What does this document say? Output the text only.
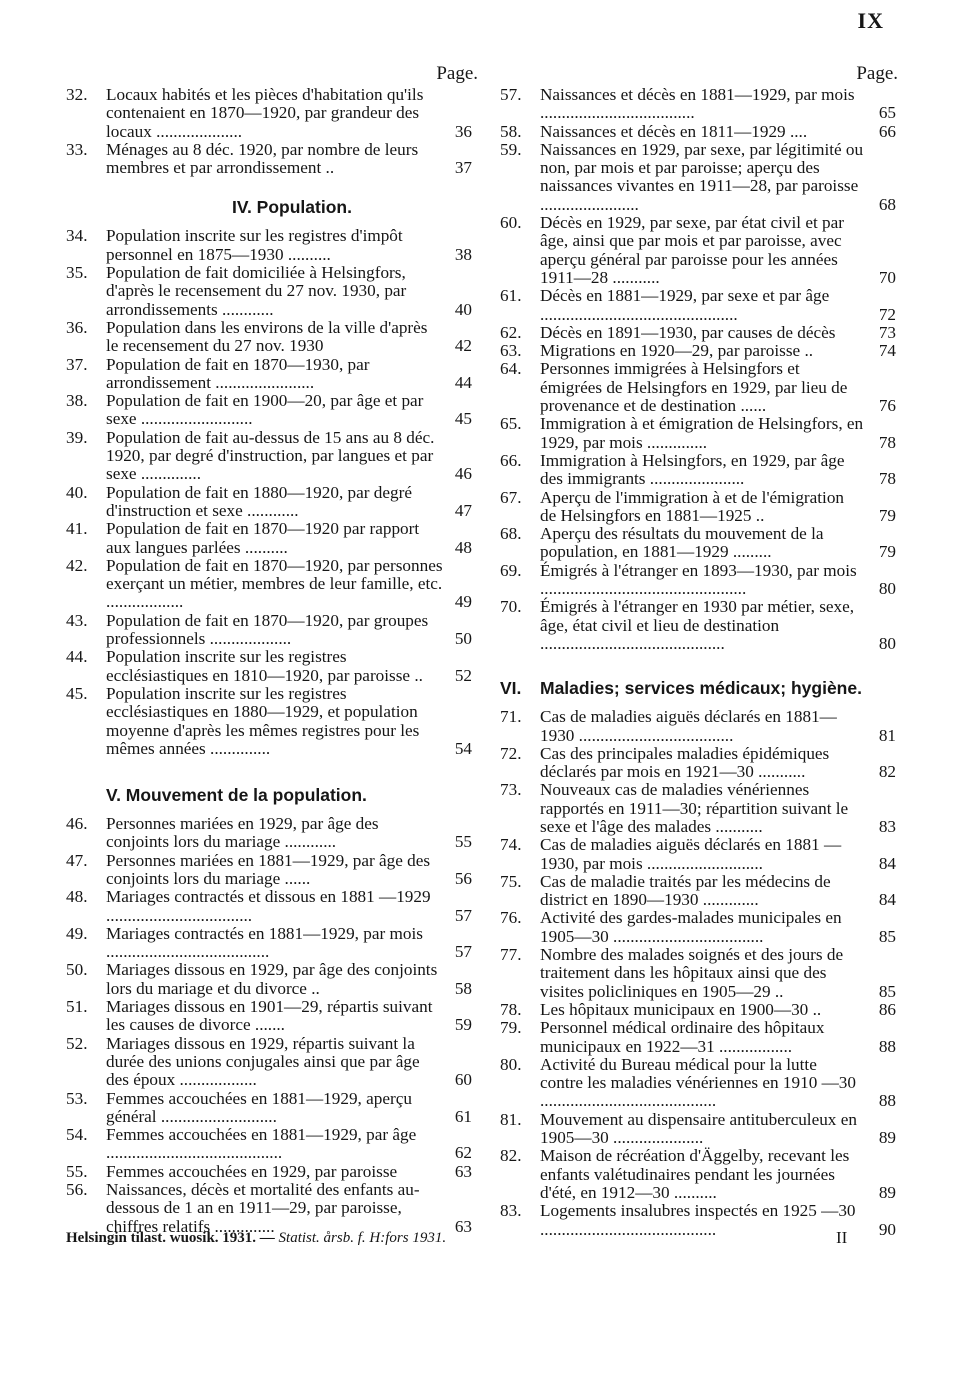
IX
Page.
32. Locaux habités et les pièces d'habitation qu'ils contenaient en 1870—1920, par grandeur des locaux ....................	36
33. Ménages au 8 déc. 1920, par nombre de leurs membres et par arrondissement ..	37
IV. Population.
34. Population inscrite sur les registres d'impôt personnel en 1875—1930 ..........	38
35. Population de fait domiciliée à Helsingfors, d'après le recensement du 27 nov. 1930, par arrondissements ............	40
36. Population dans les environs de la ville d'après le recensement du 27 nov. 1930	42
37. Population de fait en 1870—1930, par arrondissement .......................	44
38. Population de fait en 1900—20, par âge et par sexe ..........................	45
39. Population de fait au-dessus de 15 ans au 8 déc. 1920, par degré d'instruction, par langues et par sexe ..............	46
40. Population de fait en 1880—1920, par degré d'instruction et sexe ............	47
41. Population de fait en 1870—1920 par rapport aux langues parlées ..........	48
42. Population de fait en 1870—1920, par personnes exerçant un métier, membres de leur famille, etc. ..................	49
43. Population de fait en 1870—1920, par groupes professionnels ...................	50
44. Population inscrite sur les registres ecclésiastiques en 1810—1920, par paroisse .. 52
45. Population inscrite sur les registres ecclésiastiques en 1880—1929, et population moyenne d'après les mêmes registres pour les mêmes années ..............	54
V. Mouvement de la population.
46. Personnes mariées en 1929, par âge des conjoints lors du mariage ............	55
47. Personnes mariées en 1881—1929, par âge des conjoints lors du mariage ......	56
48. Mariages contractés et dissous en 1881 —1929 ..................................	57
49. Mariages contractés en 1881—1929, par mois ......................................	57
50. Mariages dissous en 1929, par âge des conjoints lors du mariage et du divorce ..	58
51. Mariages dissous en 1901—29, répartis suivant les causes de divorce .......	59
52. Mariages dissous en 1929, répartis suivant la durée des unions conjugales ainsi que par âge des époux ..................	60
53. Femmes accouchées en 1881—1929, aperçu général ...........................	61
54. Femmes accouchées en 1881—1929, par âge .........................................	62
55. Femmes accouchées en 1929, par paroisse	63
56. Naissances, décès et mortalité des enfants au-dessous de 1 an en 1911—29, par paroisse, chiffres relatifs ..............	63
Page.
57. Naissances et décès en 1881—1929, par mois ....................................	65
58. Naissances et décès en 1811—1929 ....	66
59. Naissances en 1929, par sexe, par légitimité ou non, par mois et par paroisse; aperçu des naissances vivantes en 1911—28, par paroisse .......................	68
60. Décès en 1929, par sexe, par état civil et par âge, ainsi que par mois et par paroisse, avec aperçu général par paroisse pour les années 1911—28 ...........	70
61. Décès en 1881—1929, par sexe et par âge ..............................................	72
62. Décès en 1891—1930, par causes de décès	73
63. Migrations en 1920—29, par paroisse ..	74
64. Personnes immigrées à Helsingfors et émigrées de Helsingfors en 1929, par lieu de provenance et de destination ......	76
65. Immigration à et émigration de Helsingfors, en 1929, par mois ..............	78
66. Immigration à Helsingfors, en 1929, par âge des immigrants ......................	78
67. Aperçu de l'immigration à et de l'émigration de Helsingfors en 1881—1925 ..	79
68. Aperçu des résultats du mouvement de la population, en 1881—1929 .........	79
69. Émigrés à l'étranger en 1893—1930, par mois ................................................	80
70. Émigrés à l'étranger en 1930 par métier, sexe, âge, état civil et lieu de destination ...........................................	80
VI.	Maladies; services médicaux; hygiène.
71. Cas de maladies aiguës déclarés en 1881—1930 ....................................	81
72. Cas des principales maladies épidémiques déclarés par mois en 1921—30 ...........	82
73. Nouveaux cas de maladies vénériennes rapportés en 1911—30; répartition suivant le sexe et l'âge des malades ...........	83
74. Cas de maladies aiguës déclarés en 1881 —1930, par mois ...........................	84
75. Cas de maladie traités par les médecins de district en 1890—1930 .............	84
76. Activité des gardes-malades municipales en 1905—30 ...................................	85
77. Nombre des malades soignés et des jours de traitement dans les hôpitaux ainsi que des visites policliniques en 1905—29 ..	85
78. Les hôpitaux municipaux en 1900—30 ..	86
79. Personnel médical ordinaire des hôpitaux municipaux en 1922—31 .................	88
80. Activité du Bureau médical pour la lutte contre les maladies vénériennes en 1910 —30 .........................................	88
81. Mouvement au dispensaire antituberculeux en 1905—30 .....................	89
82. Maison de récréation d'Äggelby, recevant les enfants valétudinaires pendant les journées d'été, en 1912—30 ..........	89
83. Logements insalubres inspectés en 1925 —30 .........................................	90
Helsingin tilast. wuosik. 1931. — Statist. årsb. f. H:fors 1931.	II
